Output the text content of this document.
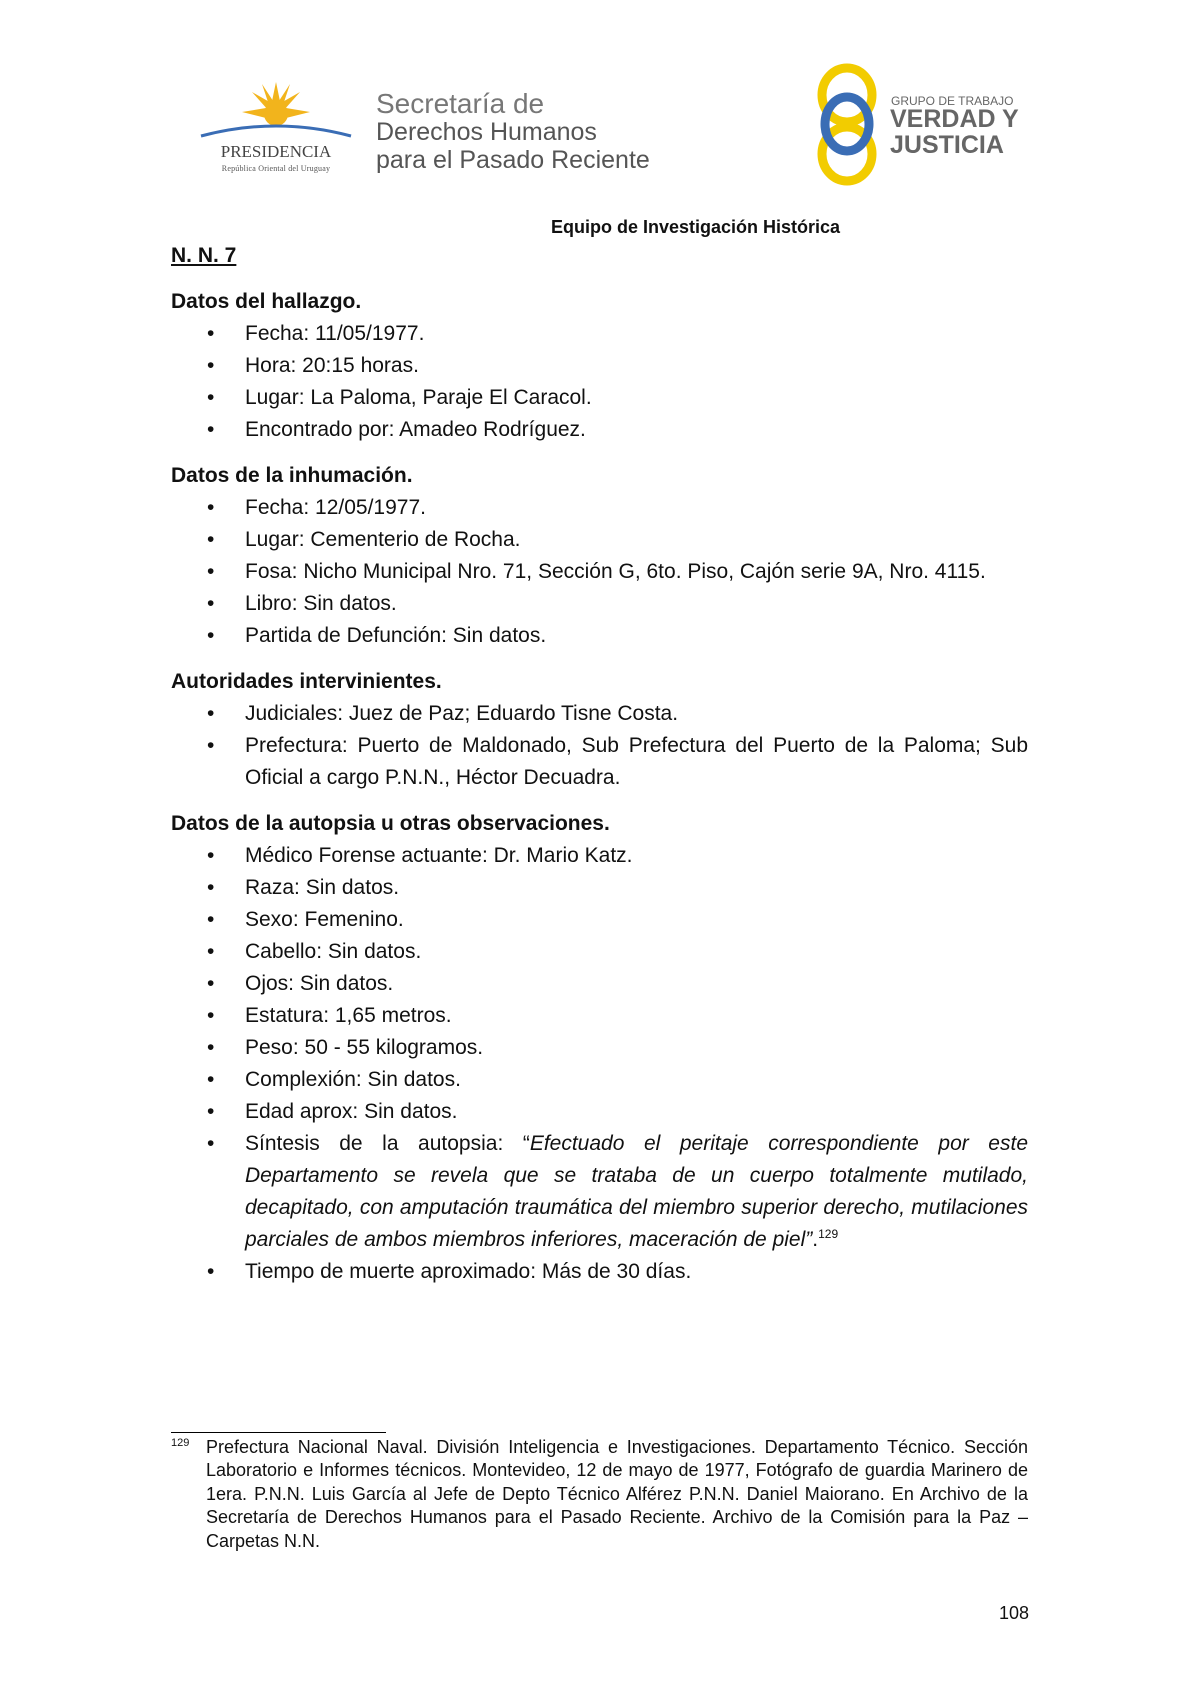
PRESIDENCIA
República Oriental del Uruguay
Secretaría de
Derechos Humanos
para el Pasado Reciente
GRUPO DE TRABAJO
VERDAD Y
JUSTICIA
Equipo de Investigación Histórica
N. N. 7
Datos del hallazgo.
• Fecha: 11/05/1977.
• Hora: 20:15 horas.
• Lugar: La Paloma, Paraje El Caracol.
• Encontrado por: Amadeo Rodríguez.
Datos de la inhumación.
• Fecha: 12/05/1977.
• Lugar: Cementerio de Rocha.
• Fosa: Nicho Municipal Nro. 71, Sección G, 6to. Piso, Cajón serie 9A, Nro. 4115.
• Libro: Sin datos.
• Partida de Defunción: Sin datos.
Autoridades intervinientes.
• Judiciales: Juez de Paz; Eduardo Tisne Costa.
• Prefectura: Puerto de Maldonado, Sub Prefectura del Puerto de la Paloma; Sub Oficial a cargo P.N.N., Héctor Decuadra.
Datos de la autopsia u otras observaciones.
• Médico Forense actuante: Dr. Mario Katz.
• Raza: Sin datos.
• Sexo: Femenino.
• Cabello: Sin datos.
• Ojos: Sin datos.
• Estatura: 1,65 metros.
• Peso: 50 - 55 kilogramos.
• Complexión: Sin datos.
• Edad aprox: Sin datos.
• Síntesis de la autopsia: “Efectuado el peritaje correspondiente por este Departamento se revela que se trataba de un cuerpo totalmente mutilado, decapitado, con amputación traumática del miembro superior derecho, mutilaciones parciales de ambos miembros inferiores, maceración de piel”.$^{129}$
• Tiempo de muerte aproximado: Más de 30 días.
129 Prefectura Nacional Naval. División Inteligencia e Investigaciones. Departamento Técnico. Sección Laboratorio e Informes técnicos. Montevideo, 12 de mayo de 1977, Fotógrafo de guardia Marinero de 1era. P.N.N. Luis García al Jefe de Depto Técnico Alférez P.N.N. Daniel Maiorano. En Archivo de la Secretaría de Derechos Humanos para el Pasado Reciente. Archivo de la Comisión para la Paz – Carpetas N.N.
108
